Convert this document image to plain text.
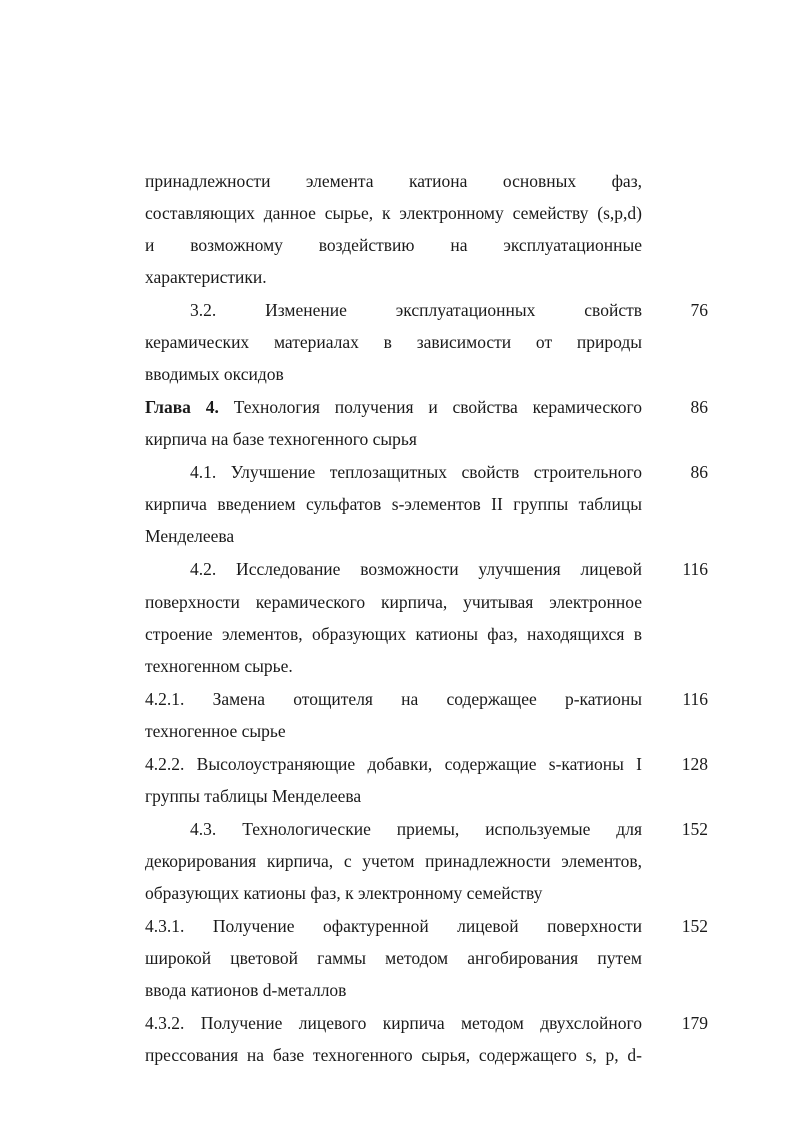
принадлежности элемента катиона основных фаз,
составляющих данное сырье, к электронному семейству (s,p,d)
и возможному воздействию на эксплуатационные
характеристики.
3.2. Изменение эксплуатационных свойств	76
керамических материалах в зависимости от природы
вводимых оксидов
Глава 4. Технология получения и свойства керамического	86
кирпича на базе техногенного сырья
4.1. Улучшение теплозащитных свойств строительного	86
кирпича введением сульфатов s-элементов II группы таблицы
Менделеева
4.2. Исследование возможности улучшения лицевой	116
поверхности керамического кирпича, учитывая электронное
строение элементов, образующих катионы фаз, находящихся в
техногенном сырье.
4.2.1. Замена отощителя на содержащее р-катионы	116
техногенное сырье
4.2.2. Высолоустраняющие добавки, содержащие s-катионы I	128
группы таблицы Менделеева
4.3. Технологические приемы, используемые для	152
декорирования кирпича, с учетом принадлежности элементов,
образующих катионы фаз, к электронному семейству
4.3.1. Получение офактуренной лицевой поверхности	152
широкой цветовой гаммы методом ангобирования путем
ввода катионов d-металлов
4.3.2. Получение лицевого кирпича методом двухслойного	179
прессования на базе техногенного сырья, содержащего s, p, d-
